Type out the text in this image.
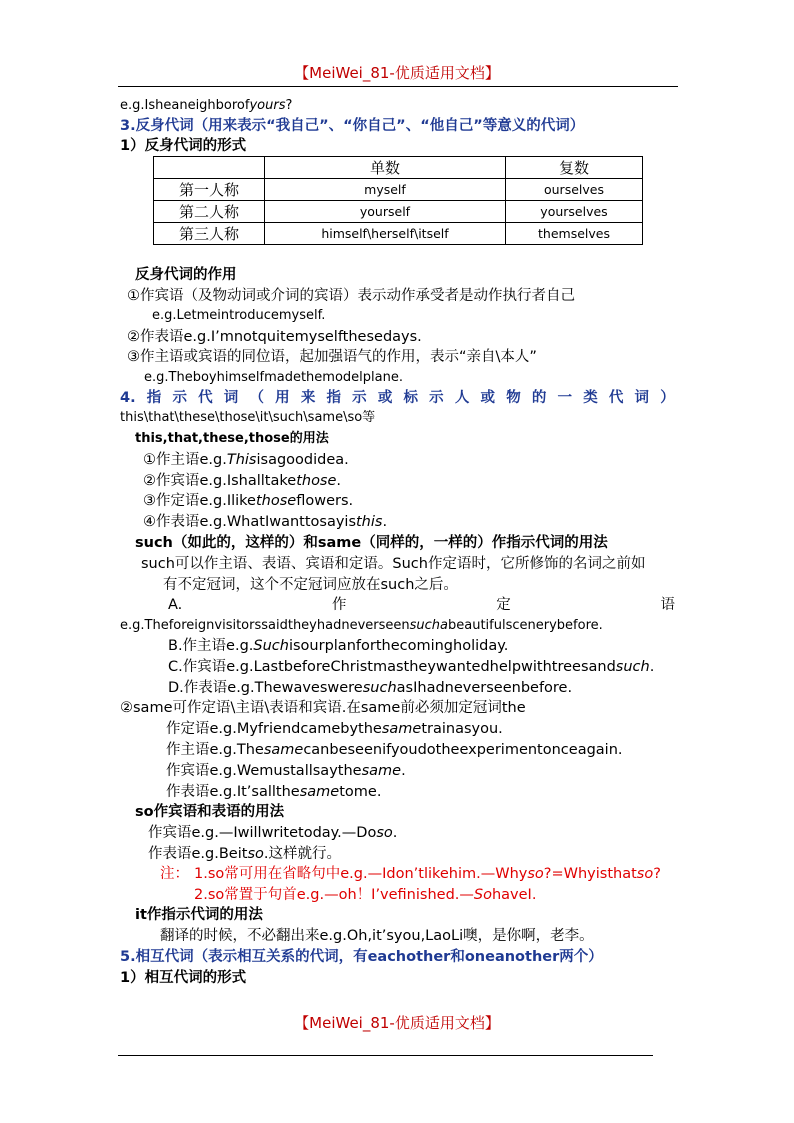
【MeiWei_81-优质适用文档】
e.g.Isheaneighborofyours?
3.反身代词（用来表示“我自己”、“你自己”、“他自己”等意义的代词）
1）反身代词的形式
	单数	复数
第一人称	myself	ourselves
第二人称	yourself	yourselves
第三人称	himself\herself\itself	themselves
反身代词的作用
①作宾语（及物动词或介词的宾语）表示动作承受者是动作执行者自己
e.g.Letmeintroducemyself.
②作表语e.g.I’mnotquitemyselfthesedays.
③作主语或宾语的同位语，起加强语气的作用，表示“亲自\本人”
e.g.Theboyhimselfmadethemodelplane.
4. 指 示 代 词 （ 用 来 指 示 或 标 示 人 或 物 的 一 类 代 词 ）
this\that\these\those\it\such\same\so等
this,that,these,those的用法
①作主语e.g.Thisisagoodidea.
②作宾语e.g.Ishalltakethose.
③作定语e.g.Ilikethoseflowers.
④作表语e.g.WhatIwanttosayisthis.
such（如此的，这样的）和same（同样的，一样的）作指示代词的用法
such可以作主语、表语、宾语和定语。Such作定语时，它所修饰的名词之前如
有不定冠词，这个不定冠词应放在such之后。
A.	作	定	语
e.g.Theforeignvisitorssaidtheyhadneverseensuchabeautifulscenerybefore.
B.作主语e.g.Suchisourplanforthecomingholiday.
C.作宾语e.g.LastbeforeChristmastheywantedhelpwithtreesandsuch.
D.作表语e.g.ThewavesweresuchasIhadneverseenbefore.
②same可作定语\主语\表语和宾语.在same前必须加定冠词the
作定语e.g.Myfriendcamebythesametrainasyou.
作主语e.g.Thesamecanbeseenifyoudotheexperimentonceagain.
作宾语e.g.Wemustallsaythesame.
作表语e.g.It’sallthesametome.
so作宾语和表语的用法
作宾语e.g.—Iwillwritetoday.—Doso.
作表语e.g.Beitso.这样就行。
注： 1.so常可用在省略句中e.g.—Idon’tlikehim.—Whyso?=Whyisthatso?
2.so常置于句首e.g.—oh！I’vefinished.—SohaveI.
it作指示代词的用法
翻译的时候，不必翻出来e.g.Oh,it’syou,LaoLi噢，是你啊，老李。
5.相互代词（表示相互关系的代词，有eachother和oneanother两个）
1）相互代词的形式
【MeiWei_81-优质适用文档】
